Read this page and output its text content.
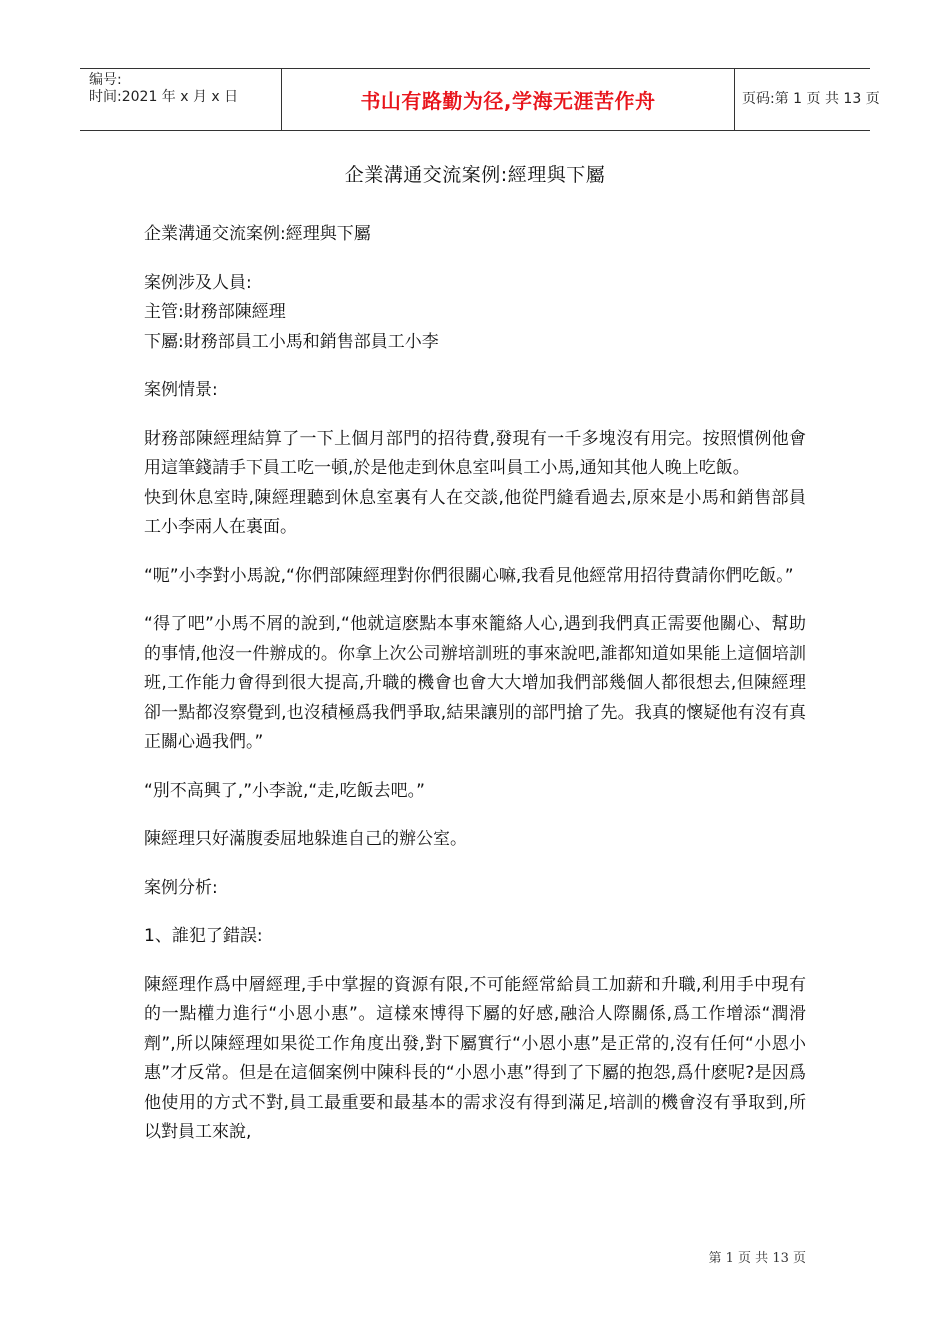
编号:
时间:2021 年 x 月 x 日	书山有路勤为径,学海无涯苦作舟	页码:第 1 页 共 13 页
企業溝通交流案例:經理與下屬

企業溝通交流案例:經理與下屬

案例涉及人員:
主管:財務部陳經理
下屬:財務部員工小馬和銷售部員工小李

案例情景:

財務部陳經理結算了一下上個月部門的招待費,發現有一千多塊沒有用完。按照慣例他會用這筆錢請手下員工吃一頓,於是他走到休息室叫員工小馬,通知其他人晚上吃飯。
快到休息室時,陳經理聽到休息室裏有人在交談,他從門縫看過去,原來是小馬和銷售部員工小李兩人在裏面。

“呃”小李對小馬說,“你們部陳經理對你們很關心嘛,我看見他經常用招待費請你們吃飯。”

“得了吧”小馬不屑的說到,“他就這麽點本事來籠絡人心,遇到我們真正需要他關心、幫助的事情,他沒一件辦成的。你拿上次公司辦培訓班的事來說吧,誰都知道如果能上這個培訓班,工作能力會得到很大提高,升職的機會也會大大增加我們部幾個人都很想去,但陳經理卻一點都沒察覺到,也沒積極爲我們爭取,結果讓別的部門搶了先。我真的懷疑他有沒有真正關心過我們。”

“別不高興了,”小李說,“走,吃飯去吧。”

陳經理只好滿腹委屈地躲進自己的辦公室。

案例分析:

1、誰犯了錯誤:

陳經理作爲中層經理,手中掌握的資源有限,不可能經常給員工加薪和升職,利用手中現有的一點權力進行“小恩小惠”。這樣來博得下屬的好感,融洽人際關係,爲工作增添“潤滑劑”,所以陳經理如果從工作角度出發,對下屬實行“小恩小惠”是正常的,沒有任何“小恩小惠”才反常。但是在這個案例中陳科長的“小恩小惠”得到了下屬的抱怨,爲什麽呢?是因爲他使用的方式不對,員工最重要和最基本的需求沒有得到滿足,培訓的機會沒有爭取到,所以對員工來說,

第 1 页 共 13 页
